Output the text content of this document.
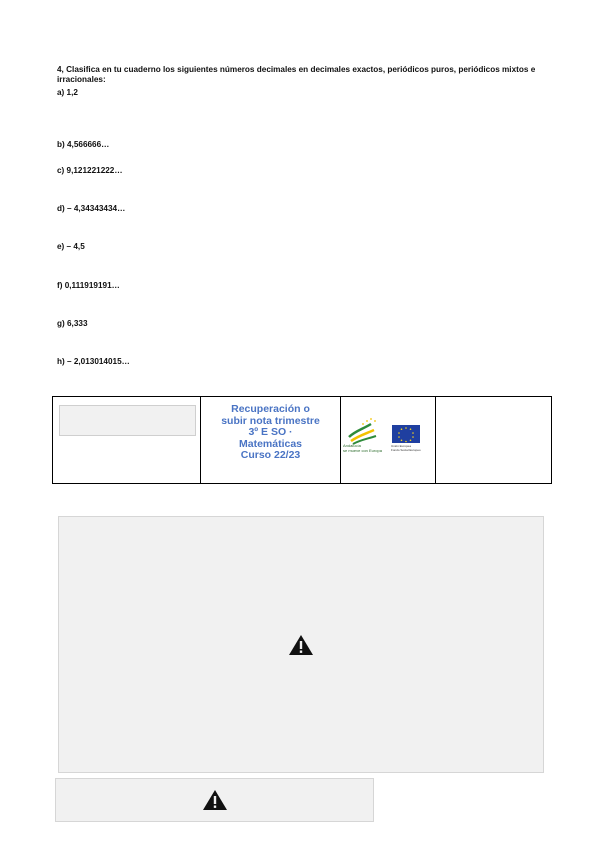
4, Clasifica en tu cuaderno los siguientes números decimales en decimales exactos, periódicos puros, periódicos mixtos e irracionales:
a) 1,2
b) 4,566666…
c) 9,121221222…
d) – 4,34343434…
e) – 4,5
f) 0,111919191…
g) 6,333
h) – 2,013014015…
Recuperación o
subir nota trimestre
3º E SO ·
Matemáticas
Curso 22/23
Andalucía
se mueve con Europa
Unión Europea
Fondo Social Europeo
